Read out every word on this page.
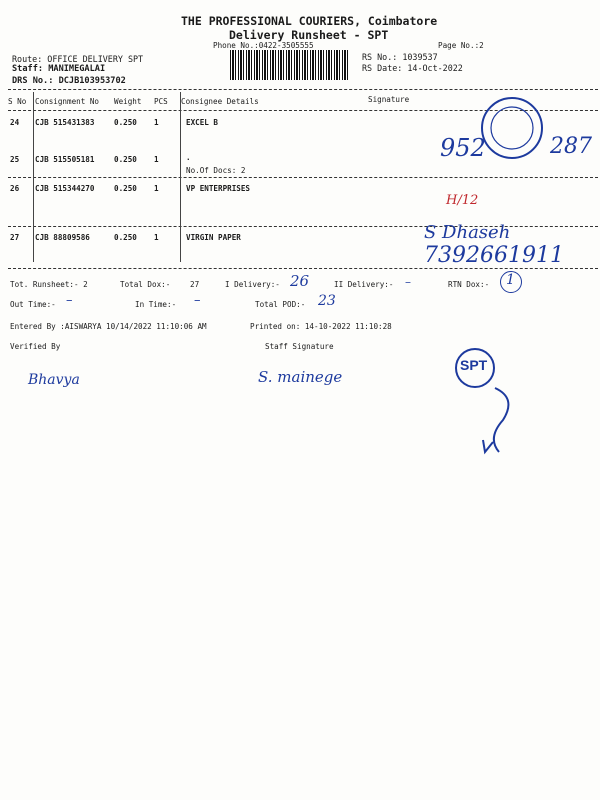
THE PROFESSIONAL COURIERS, Coimbatore
Delivery Runsheet - SPT
Phone No.:0422-3505555	Page No.:2
Route: OFFICE DELIVERY SPT
Staff: MANIMEGALAI
DRS No.: DCJB103953702
RS No.: 1039537
RS Date: 14-Oct-2022
S No Consignment No Weight PCS Consignee Details	Signature
24 CJB 515431383	0.250 1	EXCEL B
25 CJB 515505181	0.250 1	.
No.Of Docs: 2
26 CJB 515344270	0.250 1	VP ENTERPRISES
27 CJB 88809586	0.250 1	VIRGIN PAPER
952	287
H/12
S Dhaseh
7392661911
Tot. Runsheet:- 2	Total Dox:-	27	I Delivery:- 26	II Delivery:- –	RTN Dox:- 1
Out Time:- –	In Time:- –	Total POD:- 23
Entered By :AISWARYA 10/14/2022 11:10:06 AM	Printed on: 14-10-2022 11:10:28
Verified By	Staff Signature
Bhavya	S. mainege
SPT
